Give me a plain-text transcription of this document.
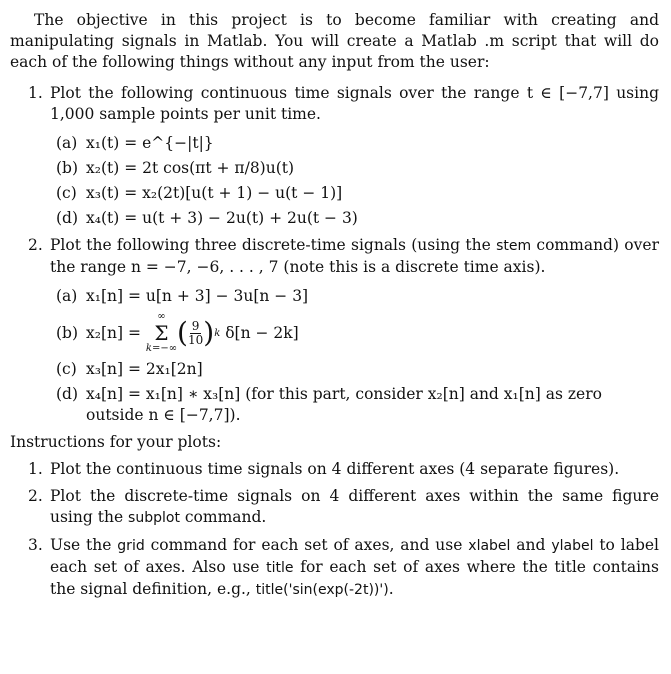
The objective in this project is to become familiar with creating and manipulating signals in Matlab. You will create a Matlab .m script that will do each of the following things without any input from the user:

1. Plot the following continuous time signals over the range t ∈ [−7,7] using 1,000 sample points per unit time.
(a) x₁(t) = e^{−|t|}
(b) x₂(t) = 2t cos(πt + π/8)u(t)
(c) x₃(t) = x₂(2t)[u(t + 1) − u(t − 1)]
(d) x₄(t) = u(t + 3) − 2u(t) + 2u(t − 3)
2. Plot the following three discrete-time signals (using the stem command) over the range n = −7, −6, . . . , 7 (note this is a discrete time axis).
(a) x₁[n] = u[n + 3] − 3u[n − 3]
(b) x₂[n] =

∞
Σ
k=−∞ ( $\frac{9}{10}$ ) k
δ[n − 2k]
(c) x₃[n] = 2x₁[2n]
(d) x₄[n] = x₁[n] ∗ x₃[n] (for this part, consider x₂[n] and x₁[n] as zero outside n ∈ [−7,7]).

Instructions for your plots:

1. Plot the continuous time signals on 4 different axes (4 separate figures).
2. Plot the discrete-time signals on 4 different axes within the same figure using the subplot command.
3. Use the grid command for each set of axes, and use xlabel and ylabel to label each set of axes. Also use title for each set of axes where the title contains the signal definition, e.g., title('sin(exp(-2t))').
